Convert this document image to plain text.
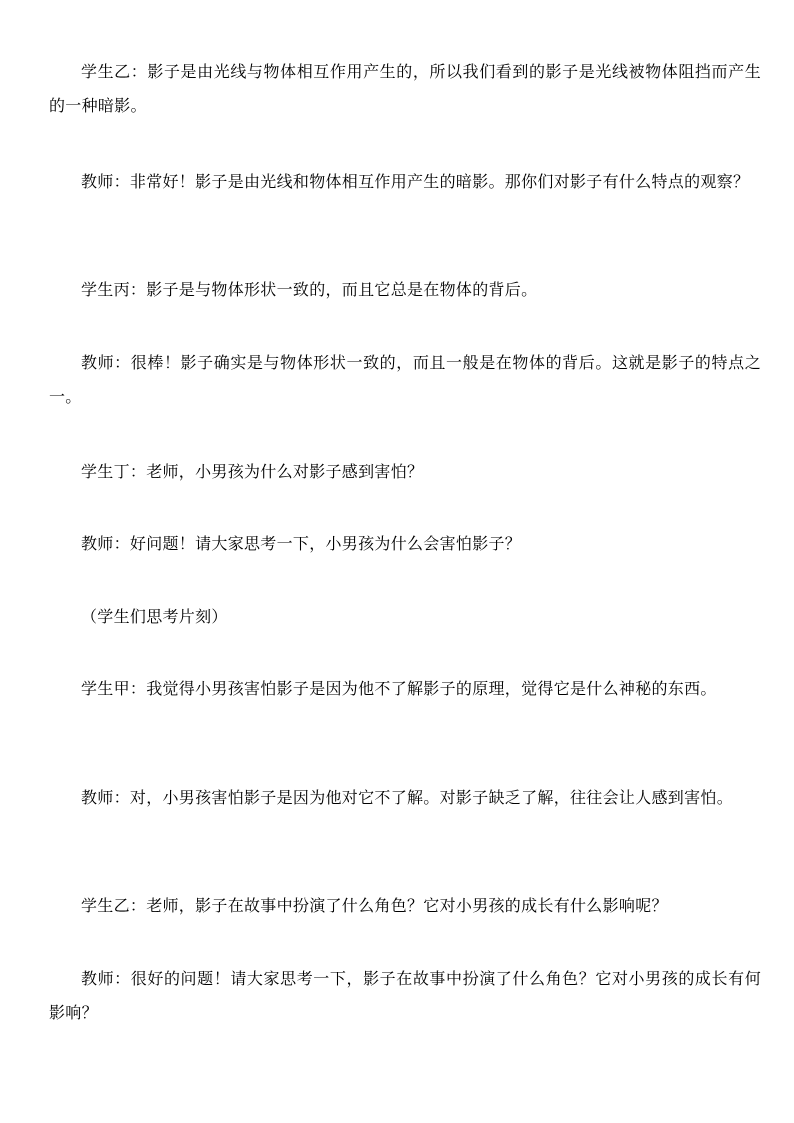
学生乙：影子是由光线与物体相互作用产生的，所以我们看到的影子是光线被物体阻挡而产生的一种暗影。

教师：非常好！影子是由光线和物体相互作用产生的暗影。那你们对影子有什么特点的观察？

学生丙：影子是与物体形状一致的，而且它总是在物体的背后。

教师：很棒！影子确实是与物体形状一致的，而且一般是在物体的背后。这就是影子的特点之一。

学生丁：老师，小男孩为什么对影子感到害怕？

教师：好问题！请大家思考一下，小男孩为什么会害怕影子？

（学生们思考片刻）

学生甲：我觉得小男孩害怕影子是因为他不了解影子的原理，觉得它是什么神秘的东西。

教师：对，小男孩害怕影子是因为他对它不了解。对影子缺乏了解，往往会让人感到害怕。

学生乙：老师，影子在故事中扮演了什么角色？它对小男孩的成长有什么影响呢？

教师：很好的问题！请大家思考一下，影子在故事中扮演了什么角色？它对小男孩的成长有何影响？
